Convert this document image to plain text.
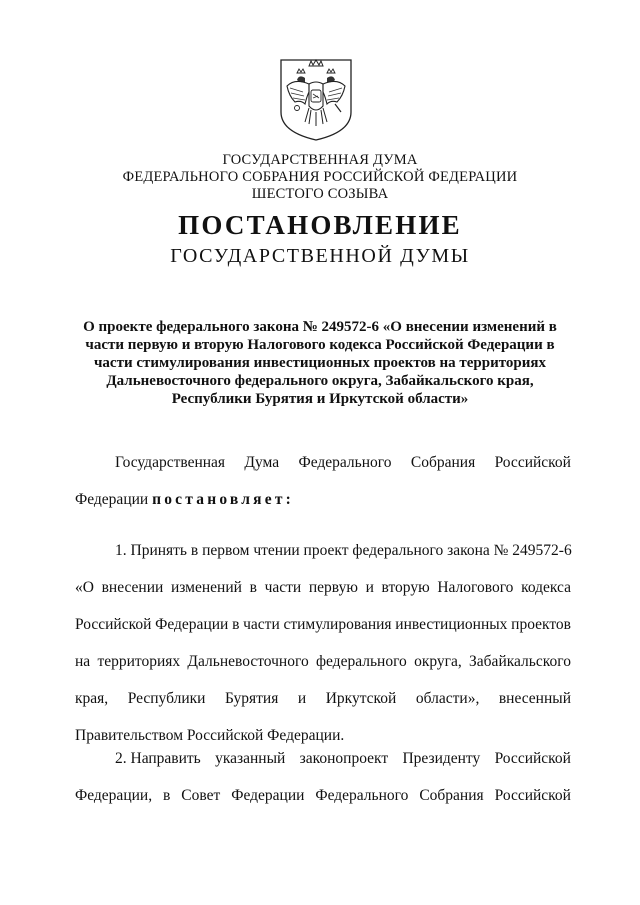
ГОСУДАРСТВЕННАЯ ДУМА
ФЕДЕРАЛЬНОГО СОБРАНИЯ РОССИЙСКОЙ ФЕДЕРАЦИИ
ШЕСТОГО СОЗЫВА
ПОСТАНОВЛЕНИЕ
ГОСУДАРСТВЕННОЙ ДУМЫ
О проекте федерального закона № 249572-6 «О внесении изменений в
части первую и вторую Налогового кодекса Российской Федерации в
части стимулирования инвестиционных проектов на территориях
Дальневосточного федерального округа, Забайкальского края,
Республики Бурятия и Иркутской области»
Государственная Дума Федерального Собрания Российской
Федерации постановляет:
1. Принять в первом чтении проект федерального закона № 249572-6
«О внесении изменений в части первую и вторую Налогового кодекса
Российской Федерации в части стимулирования инвестиционных проектов
на территориях Дальневосточного федерального округа, Забайкальского
края, Республики Бурятия и Иркутской области», внесенный
Правительством Российской Федерации.
2. Направить указанный законопроект Президенту Российской
Федерации, в Совет Федерации Федерального Собрания Российской
